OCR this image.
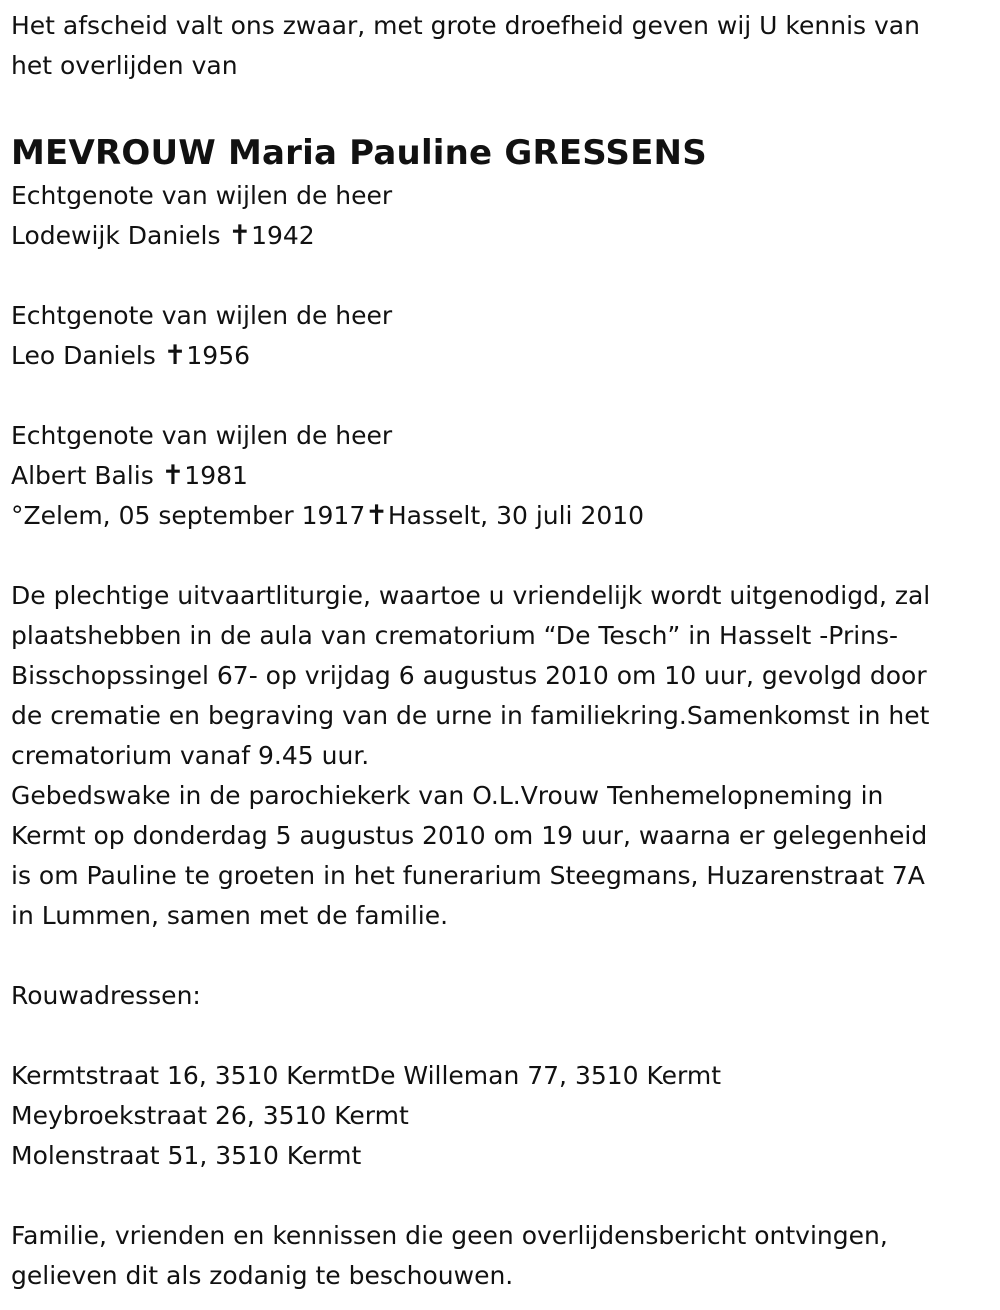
Het afscheid valt ons zwaar, met grote droefheid geven wij U kennis van
het overlijden van
MEVROUW Maria Pauline GRESSENS
Echtgenote van wijlen de heer
Lodewijk Daniels ✝1942
Echtgenote van wijlen de heer
Leo Daniels ✝1956
Echtgenote van wijlen de heer
Albert Balis ✝1981
°Zelem, 05 september 1917✝Hasselt, 30 juli 2010
De plechtige uitvaartliturgie, waartoe u vriendelijk wordt uitgenodigd, zal
plaatshebben in de aula van crematorium “De Tesch” in Hasselt -Prins-
Bisschopssingel 67- op vrijdag 6 augustus 2010 om 10 uur, gevolgd door
de crematie en begraving van de urne in familiekring.Samenkomst in het
crematorium vanaf 9.45 uur.
Gebedswake in de parochiekerk van O.L.Vrouw Tenhemelopneming in
Kermt op donderdag 5 augustus 2010 om 19 uur, waarna er gelegenheid
is om Pauline te groeten in het funerarium Steegmans, Huzarenstraat 7A
in Lummen, samen met de familie.
Rouwadressen:
Kermtstraat 16, 3510 KermtDe Willeman 77, 3510 Kermt
Meybroekstraat 26, 3510 Kermt
Molenstraat 51, 3510 Kermt
Familie, vrienden en kennissen die geen overlijdensbericht ontvingen,
gelieven dit als zodanig te beschouwen.
